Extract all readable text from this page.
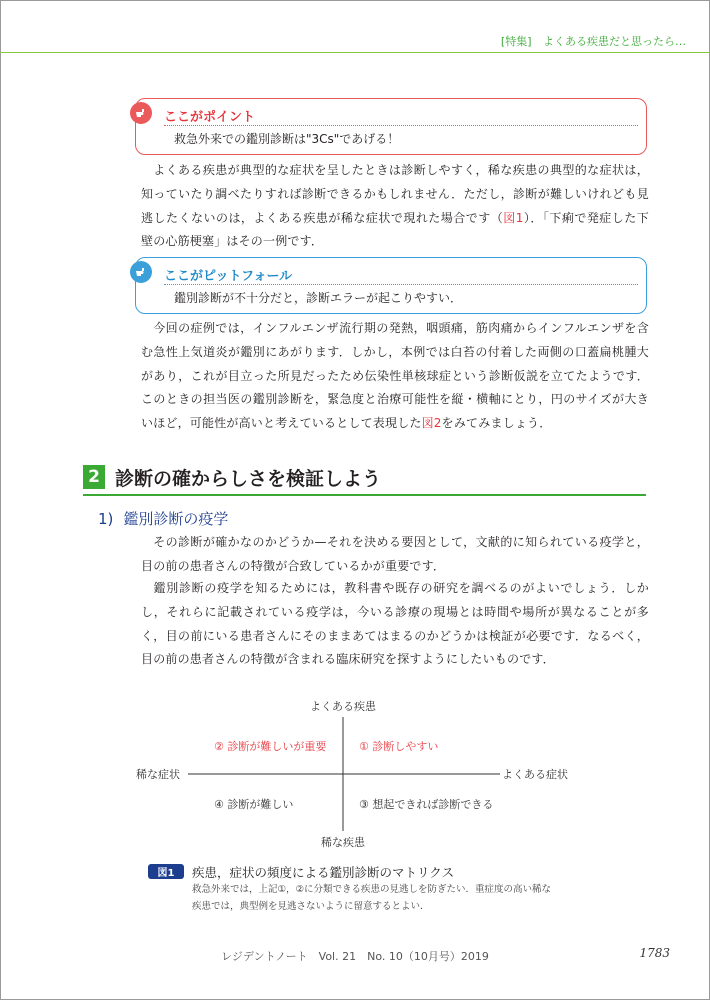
[特集] よくある疾患だと思ったら…
ここがポイント
救急外来での鑑別診断は"3Cs"であげる！

よくある疾患が典型的な症状を呈したときは診断しやすく，稀な疾患の典型的な症状は，知っていたり調べたりすれば診断できるかもしれません．ただし，診断が難しいけれども見逃したくないのは，よくある疾患が稀な症状で現れた場合です（図1）．「下痢で発症した下壁の心筋梗塞」はその一例です．

ここがピットフォール
鑑別診断が不十分だと，診断エラーが起こりやすい．

今回の症例では，インフルエンザ流行期の発熱，咽頭痛，筋肉痛からインフルエンザを含む急性上気道炎が鑑別にあがります．しかし，本例では白苔の付着した両側の口蓋扁桃腫大があり，これが目立った所見だったため伝染性単核球症という診断仮説を立てたようです．このときの担当医の鑑別診断を，緊急度と治療可能性を縦・横軸にとり，円のサイズが大きいほど，可能性が高いと考えているとして表現した図2をみてみましょう．

2 診断の確からしさを検証しよう
1) 鑑別診断の疫学

その診断が確かなのかどうか—それを決める要因として，文献的に知られている疫学と，目の前の患者さんの特徴が合致しているかが重要です．

鑑別診断の疫学を知るためには，教科書や既存の研究を調べるのがよいでしょう．しかし，それらに記載されている疫学は，今いる診療の現場とは時間や場所が異なることが多く，目の前にいる患者さんにそのままあてはまるのかどうかは検証が必要です．なるべく，目の前の患者さんの特徴が含まれる臨床研究を探すようにしたいものです．

よくある疾患
稀な疾患
稀な症状	よくある症状
② 診断が難しいが重要	① 診断しやすい
④ 診断が難しい	③ 想起できれば診断できる
図1	疾患，症状の頻度による鑑別診断のマトリクス
救急外来では，上記①，②に分類できる疾患の見逃しを防ぎたい．重症度の高い稀な
疾患では，典型例を見逃さないように留意するとよい．
レジデントノート　Vol. 21　No. 10（10月号）2019	1783
